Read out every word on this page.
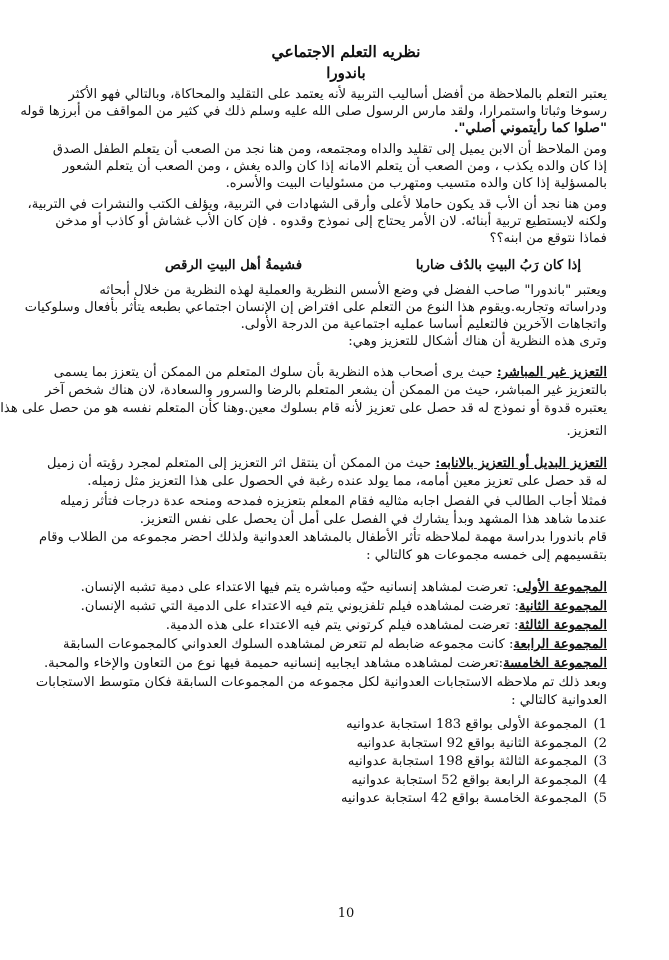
نظريه التعلم الاجتماعي
باندورا
يعتبر التعلم بالملاحظة من أفضل أساليب التربية لأنه يعتمد على التقليد والمحاكاة، وبالتالي فهو الأكثر
رسوخا وثباتا واستمرارا، ولقد مارس الرسول صلى الله عليه وسلم ذلك في كثير من المواقف من أبرزها قوله
"صلوا كما رأيتموني أصلي".
ومن الملاحظ أن الابن يميل إلى تقليد والداه ومجتمعه، ومن هنا نجد من الصعب أن يتعلم الطفل الصدق
إذا كان والده يكذب ، ومن الصعب أن يتعلم الامانه إذا كان والده يغش ، ومن الصعب أن يتعلم الشعور
بالمسؤلية إذا كان والده متسيب ومتهرب من مسئوليات البيت والأسره.
ومن هنا نجد أن الأب قد يكون حاملا لأعلى وأرقى الشهادات في التربية، ويؤلف الكتب والنشرات في التربية،
ولكنه لايستطيع تربية أبنائه. لان الأمر يحتاج إلى نموذج وقدوه . فإن كان الأب غشاش أو كاذب أو مدخن
فماذا نتوقع من ابنه؟؟
إذا كان رَبُ البيتِ بالدُف ضاربا
فشيمةُ أهل البيتِ الرقص
ويعتبر "باندورا" صاحب الفضل في وضع الأسس النظرية والعملية لهذه النظرية من خلال أبحاثه
ودراساته وتجاربه.ويقوم هذا النوع من التعلم على افتراض إن الإنسان اجتماعي بطبعه يتأثر بأفعال وسلوكيات
واتجاهات الآخرين فالتعليم أساسا عمليه اجتماعية من الدرجة الأولى.
وترى هذه النظرية أن هناك أشكال للتعزيز وهي:
التعزيز غير المباشر: حيث يرى أصحاب هذه النظرية بأن سلوك المتعلم من الممكن أن يتعزز بما يسمى
بالتعزيز غير المباشر، حيث من الممكن أن يشعر المتعلم بالرضا والسرور والسعادة، لان هناك شخص آخر
يعتبره قدوة أو نموذج له قد حصل على تعزيز لأنه قام بسلوك معين.وهنا كأن المتعلم نفسه هو من حصل على هذا
التعزيز.
التعزيز البديل أو التعزيز بالانابه: حيث من الممكن أن ينتقل اثر التعزيز إلى المتعلم لمجرد رؤيته أن زميل
له قد حصل على تعزيز معين أمامه، مما يولد عنده رغبة في الحصول على هذا التعزيز مثل زميله.
فمثلا أجاب الطالب في الفصل اجابه مثاليه فقام المعلم بتعزيزه فمدحه ومنحه عدة درجات فتأثر زميله
عندما شاهد هذا المشهد وبدأ يشارك في الفصل على أمل أن يحصل على نفس التعزيز.
قام باندورا بدراسة مهمة لملاحظه تأثر الأطفال بالمشاهد العدوانية ولذلك احضر مجموعه من الطلاب وقام
بتقسيمهم إلى خمسه مجموعات هو كالتالي :
المجموعة الأولى: تعرضت لمشاهد إنسانيه حيّه ومباشره يتم فيها الاعتداء على دمية تشبه الإنسان.
المجموعة الثانية: تعرضت لمشاهده فيلم تلفزيوني يتم فيه الاعتداء على الدمية التي تشبه الإنسان.
المجموعة الثالثة: تعرضت لمشاهده فيلم كرتوني يتم فيه الاعتداء على هذه الدمية.
المجموعة الرابعة: كانت مجموعه ضابطه لم تتعرض لمشاهده السلوك العدواني كالمجموعات السابقة
المجموعة الخامسة:تعرضت لمشاهده مشاهد ايجابيه إنسانيه حميمة فيها نوع من التعاون والإخاء والمحبة.
وبعد ذلك تم ملاحظه الاستجابات العدوانية لكل مجموعه من المجموعات السابقة فكان متوسط الاستجابات
العدوانية كالتالي :
1)المجموعة الأولى بواقع 183 استجابة عدوانيه
2)المجموعة الثانية بواقع 92 استجابة عدوانيه
3)المجموعة الثالثة بواقع 198 استجابة عدوانيه
4)المجموعة الرابعة بواقع 52 استجابة عدوانيه
5)المجموعة الخامسة بواقع 42 استجابة عدوانيه
10
